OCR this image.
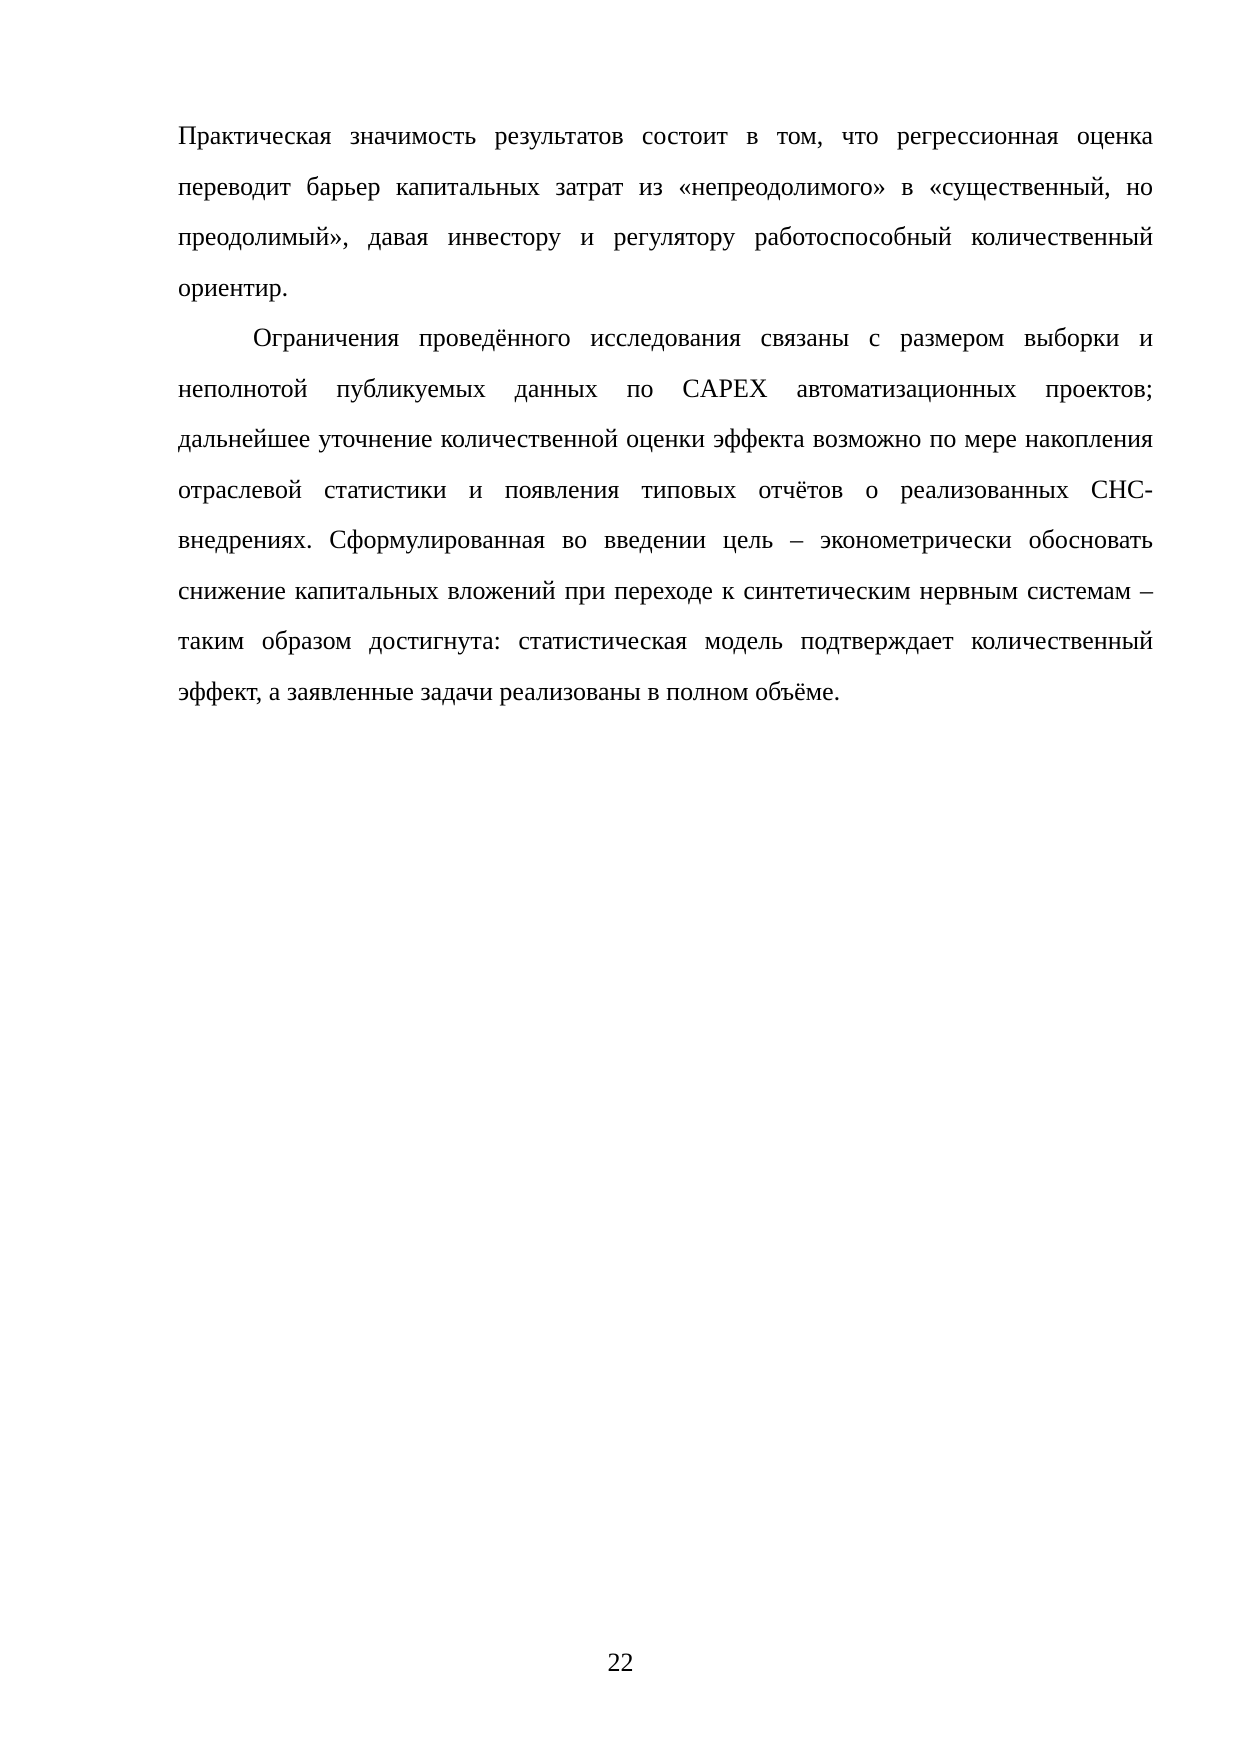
Практическая значимость результатов состоит в том, что регрессионная оценка переводит барьер капитальных затрат из «непреодолимого» в «существенный, но преодолимый», давая инвестору и регулятору работоспособный количественный ориентир.

Ограничения проведённого исследования связаны с размером выборки и неполнотой публикуемых данных по CAPEX автоматизационных проектов; дальнейшее уточнение количественной оценки эффекта возможно по мере накопления отраслевой статистики и появления типовых отчётов о реализованных СНС-внедрениях. Сформулированная во введении цель – эконометрически обосновать снижение капитальных вложений при переходе к синтетическим нервным системам – таким образом достигнута: статистическая модель подтверждает количественный эффект, а заявленные задачи реализованы в полном объёме.

22
